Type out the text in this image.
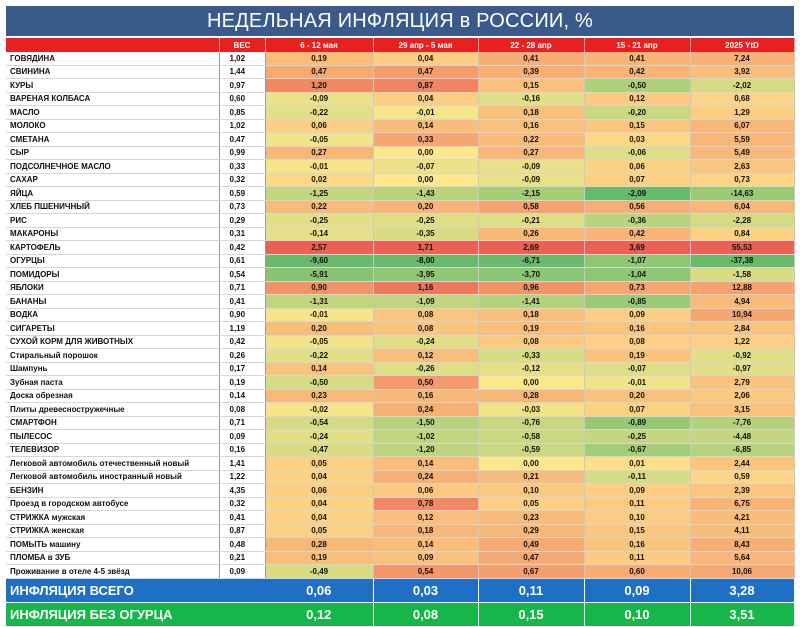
НЕДЕЛЬНАЯ ИНФЛЯЦИЯ в РОССИИ, %
	ВЕС	6 - 12 мая	29 апр - 5 мая	22 - 28 апр	15 - 21 апр	2025 YtD
ГОВЯДИНА	1,02	0,19	0,04	0,41	0,41	7,24
СВИНИНА	1,44	0,47	0,47	0,39	0,42	3,92
КУРЫ	0,97	1,20	0,87	0,15	-0,50	-2,02
ВАРЕНАЯ КОЛБАСА	0,60	-0,09	0,04	-0,16	0,12	0,68
МАСЛО	0,85	-0,22	-0,01	0,18	-0,20	1,29
МОЛОКО	1,02	0,06	0,14	0,16	0,15	6,07
СМЕТАНА	0,47	-0,05	0,33	0,22	0,03	5,59
СЫР	0,99	0,27	0,00	0,27	-0,06	5,49
ПОДСОЛНЕЧНОЕ МАСЛО	0,33	-0,01	-0,07	-0,09	0,06	2,63
САХАР	0,32	0,02	0,00	-0,09	0,07	0,73
ЯЙЦА	0,59	-1,25	-1,43	-2,15	-2,09	-14,63
ХЛЕБ ПШЕНИЧНЫЙ	0,73	0,22	0,20	0,58	0,56	6,04
РИС	0,29	-0,25	-0,25	-0,21	-0,36	-2,28
МАКАРОНЫ	0,31	-0,14	-0,35	0,26	0,42	0,84
КАРТОФЕЛЬ	0,42	2,57	1,71	2,69	3,69	55,53
ОГУРЦЫ	0,61	-9,60	-8,00	-6,71	-1,07	-37,38
ПОМИДОРЫ	0,54	-5,91	-3,95	-3,70	-1,04	-1,58
ЯБЛОКИ	0,71	0,90	1,16	0,96	0,73	12,88
БАНАНЫ	0,41	-1,31	-1,09	-1,41	-0,85	4,94
ВОДКА	0,90	-0,01	0,08	0,18	0,09	10,94
СИГАРЕТЫ	1,19	0,20	0,08	0,19	0,16	2,84
СУХОЙ КОРМ ДЛЯ ЖИВОТНЫХ	0,42	-0,05	-0,24	0,08	0,08	1,22
Стиральный порошок	0,26	-0,22	0,12	-0,33	0,19	-0,92
Шампунь	0,17	0,14	-0,26	-0,12	-0,07	-0,97
Зубная паста	0,19	-0,50	0,50	0,00	-0,01	2,79
Доска обрезная	0,14	0,23	0,16	0,28	0,20	2,06
Плиты древесностружечные	0,08	-0,02	0,24	-0,03	0,07	3,15
СМАРТФОН	0,71	-0,54	-1,50	-0,76	-0,89	-7,76
ПЫЛЕСОС	0,09	-0,24	-1,02	-0,58	-0,25	-4,48
ТЕЛЕВИЗОР	0,16	-0,47	-1,20	-0,59	-0,67	-6,85
Легковой автомобиль отечественный новый	1,41	0,05	0,14	0,00	0,01	2,44
Легковой автомобиль иностранный новый	1,22	0,04	0,24	0,21	-0,11	0,59
БЕНЗИН	4,35	0,06	0,06	0,10	0,09	2,39
Проезд в городском автобусе	0,32	0,04	0,78	0,05	0,11	6,75
СТРИЖКА мужская	0,41	0,04	0,12	0,23	0,10	4,21
СТРИЖКА женская	0,87	0,05	0,18	0,29	0,15	4,11
ПОМЫТЬ машину	0,48	0,28	0,14	0,49	0,16	8,43
ПЛОМБА в ЗУБ	0,21	0,19	0,09	0,47	0,11	5,64
Проживание в отеле 4-5 звёзд	0,09	-0,49	0,54	0,67	0,60	10,06
ИНФЛЯЦИЯ ВСЕГО		0,06	0,03	0,11	0,09	3,28
ИНФЛЯЦИЯ БЕЗ ОГУРЦА		0,12	0,08	0,15	0,10	3,51
